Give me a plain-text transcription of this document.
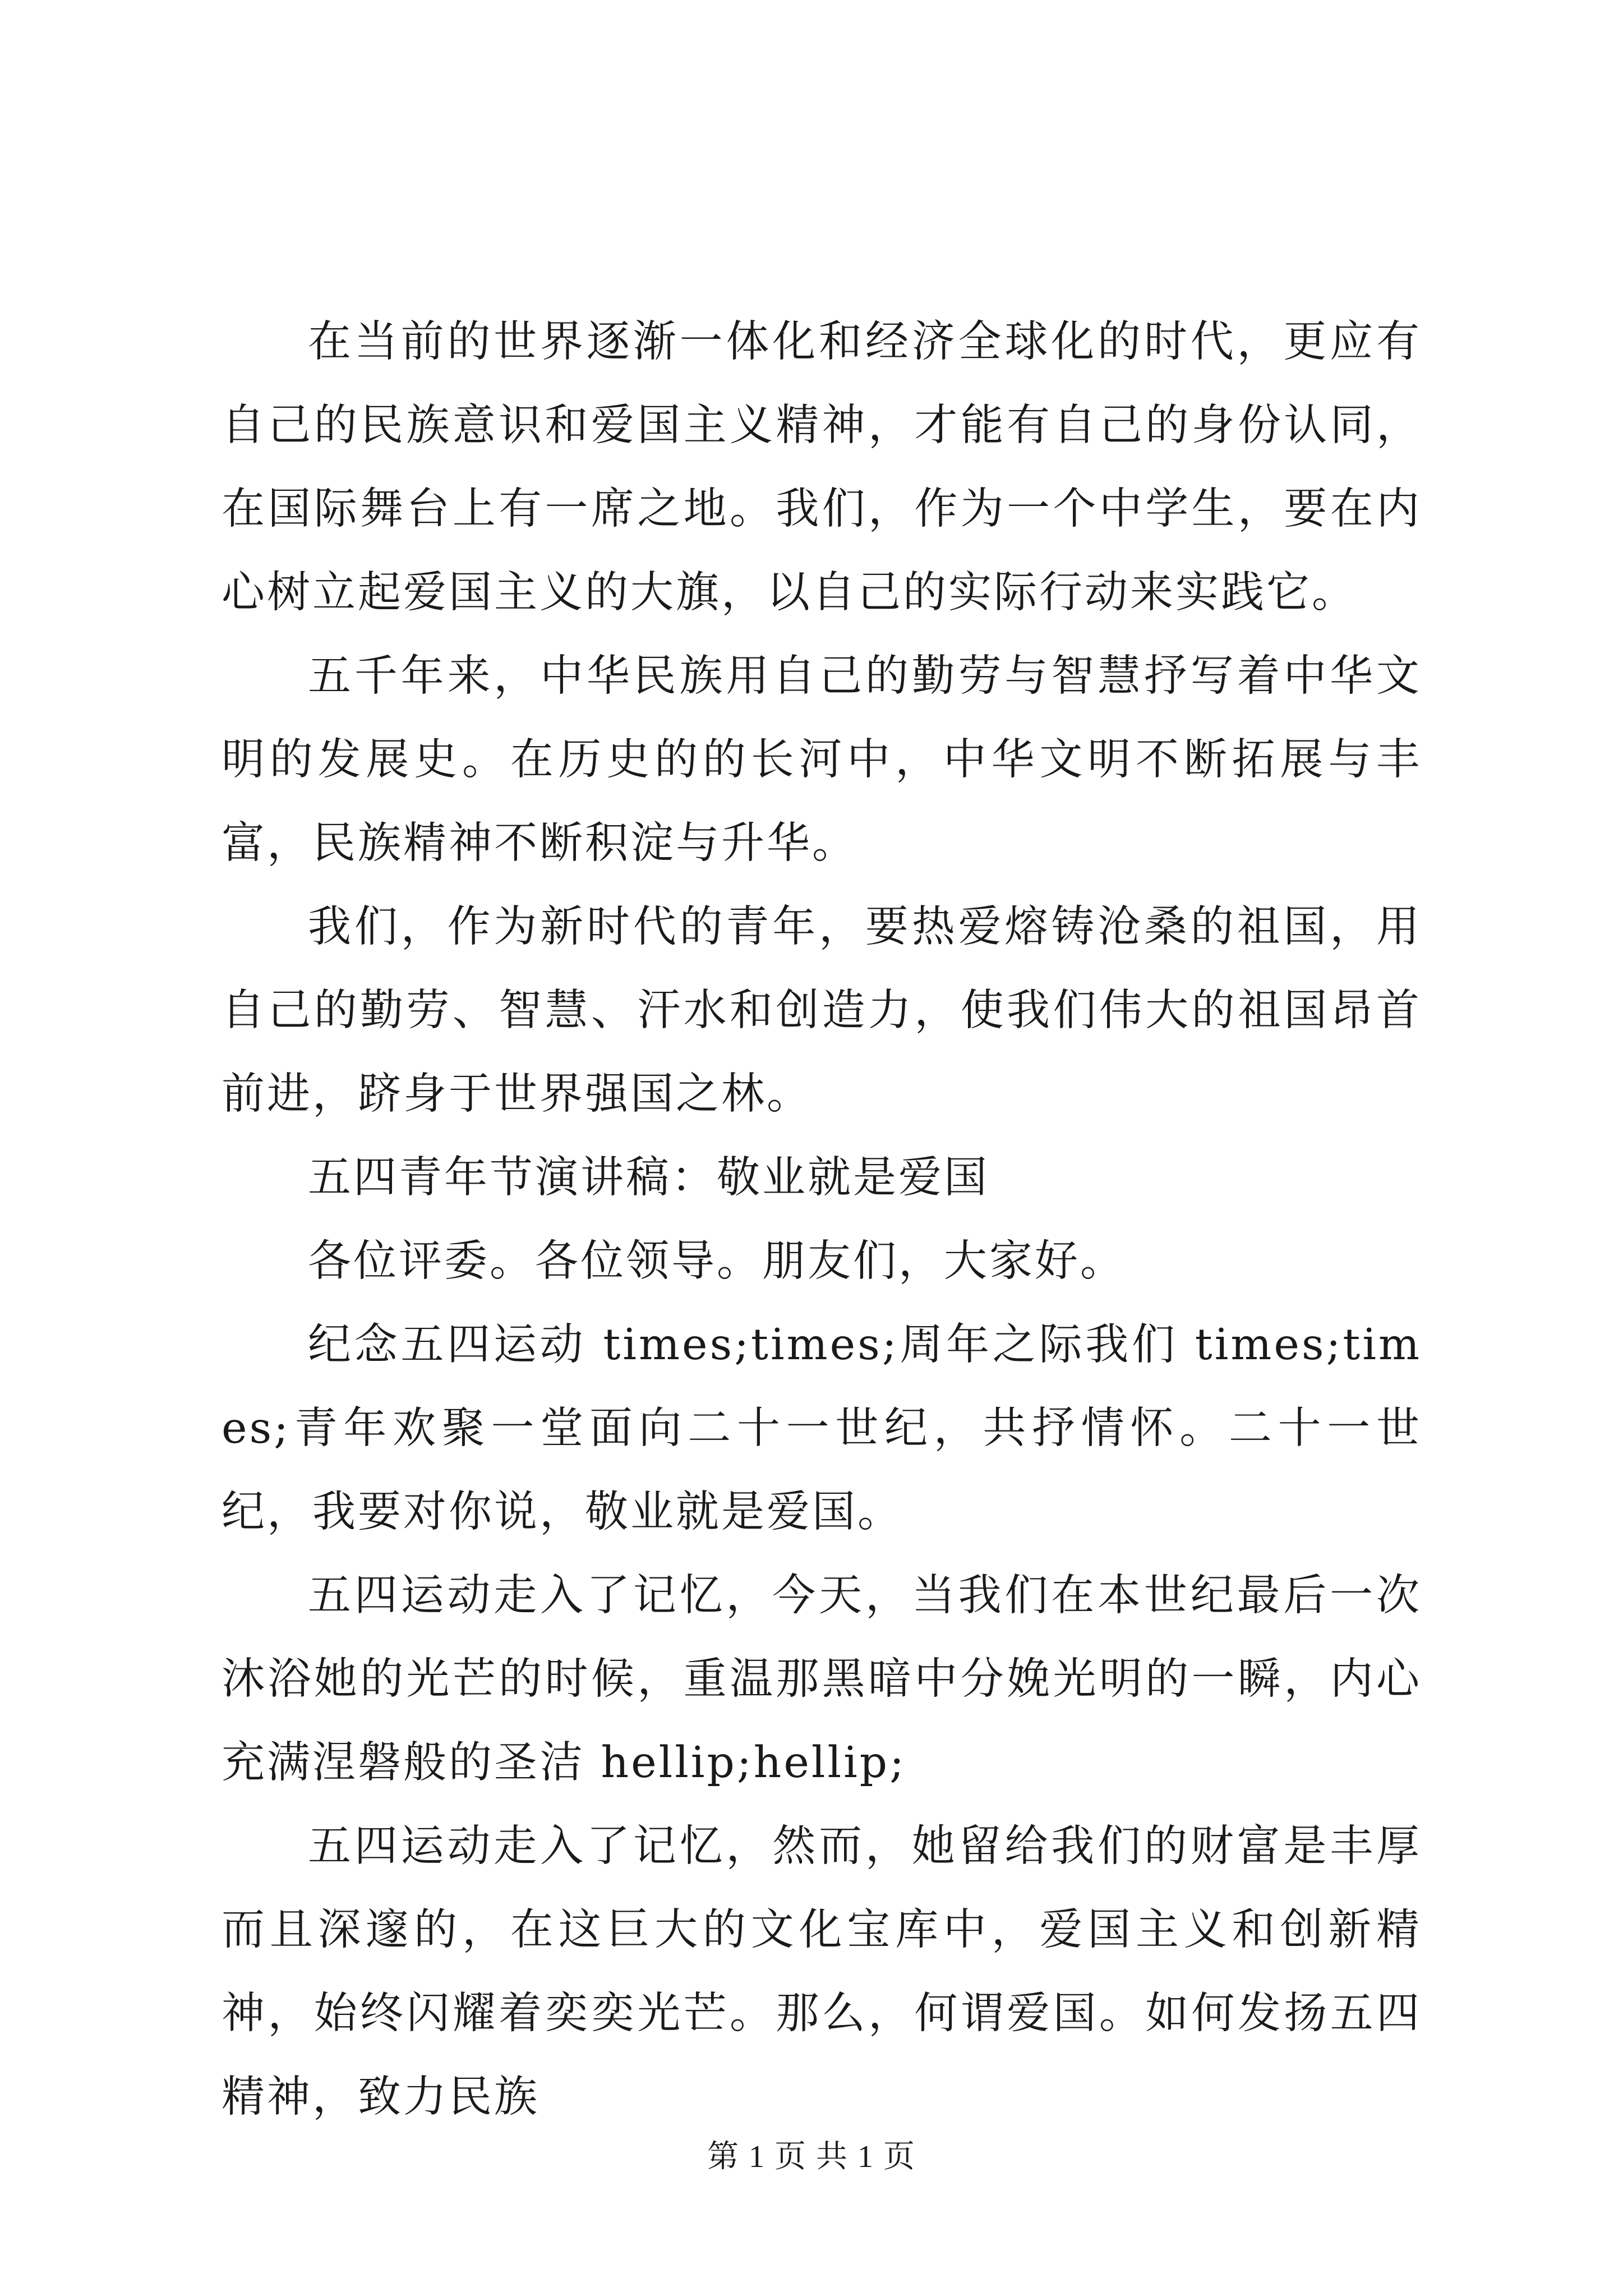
在当前的世界逐渐一体化和经济全球化的时代，更应有自己的民族意识和爱国主义精神，才能有自己的身份认同，在国际舞台上有一席之地。我们，作为一个中学生，要在内心树立起爱国主义的大旗，以自己的实际行动来实践它。

五千年来，中华民族用自己的勤劳与智慧抒写着中华文明的发展史。在历史的的长河中，中华文明不断拓展与丰富，民族精神不断积淀与升华。

我们，作为新时代的青年，要热爱熔铸沧桑的祖国，用自己的勤劳、智慧、汗水和创造力，使我们伟大的祖国昂首前进，跻身于世界强国之林。

五四青年节演讲稿：敬业就是爱国

各位评委。各位领导。朋友们，大家好。

纪念五四运动 times;times;周年之际我们 times;times;青年欢聚一堂面向二十一世纪，共抒情怀。二十一世纪，我要对你说，敬业就是爱国。

五四运动走入了记忆，今天，当我们在本世纪最后一次沐浴她的光芒的时候，重温那黑暗中分娩光明的一瞬，内心充满涅磐般的圣洁 hellip;hellip;

五四运动走入了记忆，然而，她留给我们的财富是丰厚而且深邃的，在这巨大的文化宝库中，爱国主义和创新精神，始终闪耀着奕奕光芒。那么，何谓爱国。如何发扬五四精神，致力民族

第 1 页 共 1 页
